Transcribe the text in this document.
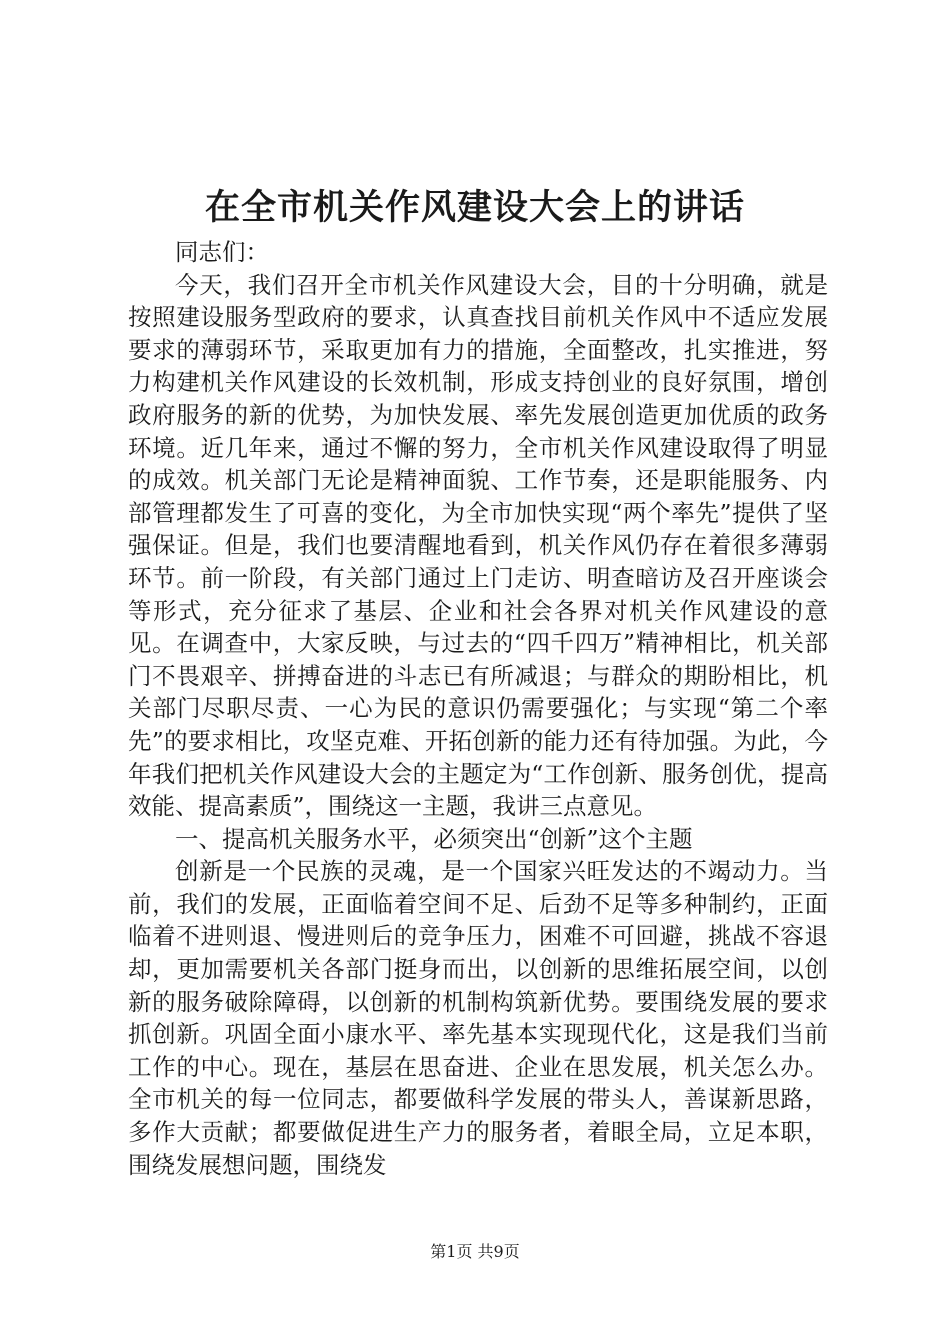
在全市机关作风建设大会上的讲话

同志们：

今天，我们召开全市机关作风建设大会，目的十分明确，就是按照建设服务型政府的要求，认真查找目前机关作风中不适应发展要求的薄弱环节，采取更加有力的措施，全面整改，扎实推进，努力构建机关作风建设的长效机制，形成支持创业的良好氛围，增创政府服务的新的优势，为加快发展、率先发展创造更加优质的政务环境。近几年来，通过不懈的努力，全市机关作风建设取得了明显的成效。机关部门无论是精神面貌、工作节奏，还是职能服务、内部管理都发生了可喜的变化，为全市加快实现“两个率先”提供了坚强保证。但是，我们也要清醒地看到，机关作风仍存在着很多薄弱环节。前一阶段，有关部门通过上门走访、明查暗访及召开座谈会等形式，充分征求了基层、企业和社会各界对机关作风建设的意见。在调查中，大家反映，与过去的“四千四万”精神相比，机关部门不畏艰辛、拼搏奋进的斗志已有所减退；与群众的期盼相比，机关部门尽职尽责、一心为民的意识仍需要强化；与实现“第二个率先”的要求相比，攻坚克难、开拓创新的能力还有待加强。为此，今年我们把机关作风建设大会的主题定为“工作创新、服务创优，提高效能、提高素质”，围绕这一主题，我讲三点意见。

一、提高机关服务水平，必须突出“创新”这个主题

创新是一个民族的灵魂，是一个国家兴旺发达的不竭动力。当前，我们的发展，正面临着空间不足、后劲不足等多种制约，正面临着不进则退、慢进则后的竞争压力，困难不可回避，挑战不容退却，更加需要机关各部门挺身而出，以创新的思维拓展空间，以创新的服务破除障碍，以创新的机制构筑新优势。要围绕发展的要求抓创新。巩固全面小康水平、率先基本实现现代化，这是我们当前工作的中心。现在，基层在思奋进、企业在思发展，机关怎么办。全市机关的每一位同志，都要做科学发展的带头人，善谋新思路，多作大贡献；都要做促进生产力的服务者，着眼全局，立足本职，围绕发展想问题，围绕发

第1页 共9页
